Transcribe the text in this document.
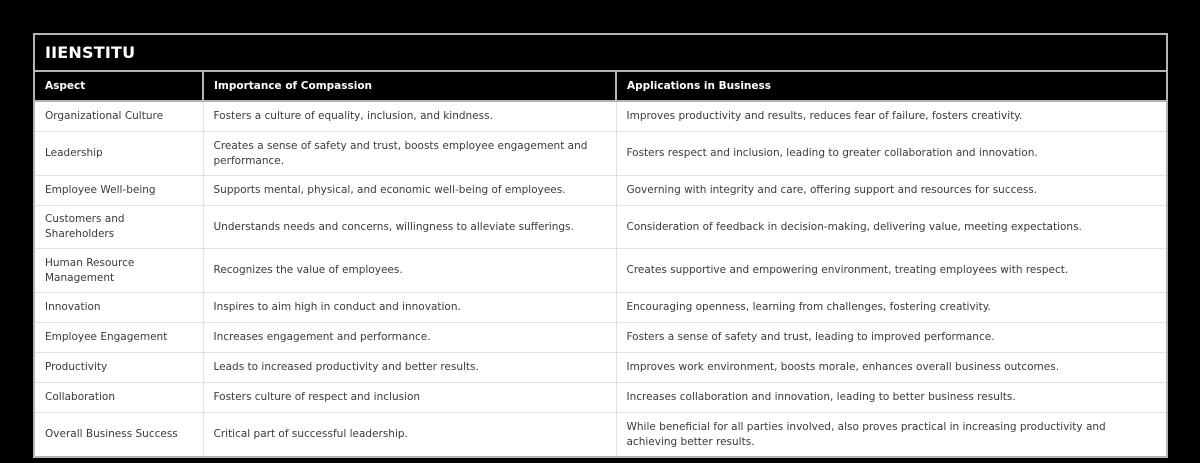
IIENSTITU		
Aspect	Importance of Compassion	Applications in Business
Organizational Culture	Fosters a culture of equality, inclusion, and kindness.	Improves productivity and results, reduces fear of failure, fosters creativity.
Leadership	Creates a sense of safety and trust, boosts employee engagement and performance.	Fosters respect and inclusion, leading to greater collaboration and innovation.
Employee Well-being	Supports mental, physical, and economic well-being of employees.	Governing with integrity and care, offering support and resources for success.
Customers and Shareholders	Understands needs and concerns, willingness to alleviate sufferings.	Consideration of feedback in decision-making, delivering value, meeting expectations.
Human Resource Management	Recognizes the value of employees.	Creates supportive and empowering environment, treating employees with respect.
Innovation	Inspires to aim high in conduct and innovation.	Encouraging openness, learning from challenges, fostering creativity.
Employee Engagement	Increases engagement and performance.	Fosters a sense of safety and trust, leading to improved performance.
Productivity	Leads to increased productivity and better results.	Improves work environment, boosts morale, enhances overall business outcomes.
Collaboration	Fosters culture of respect and inclusion	Increases collaboration and innovation, leading to better business results.
Overall Business Success	Critical part of successful leadership.	While beneficial for all parties involved, also proves practical in increasing productivity and achieving better results.
